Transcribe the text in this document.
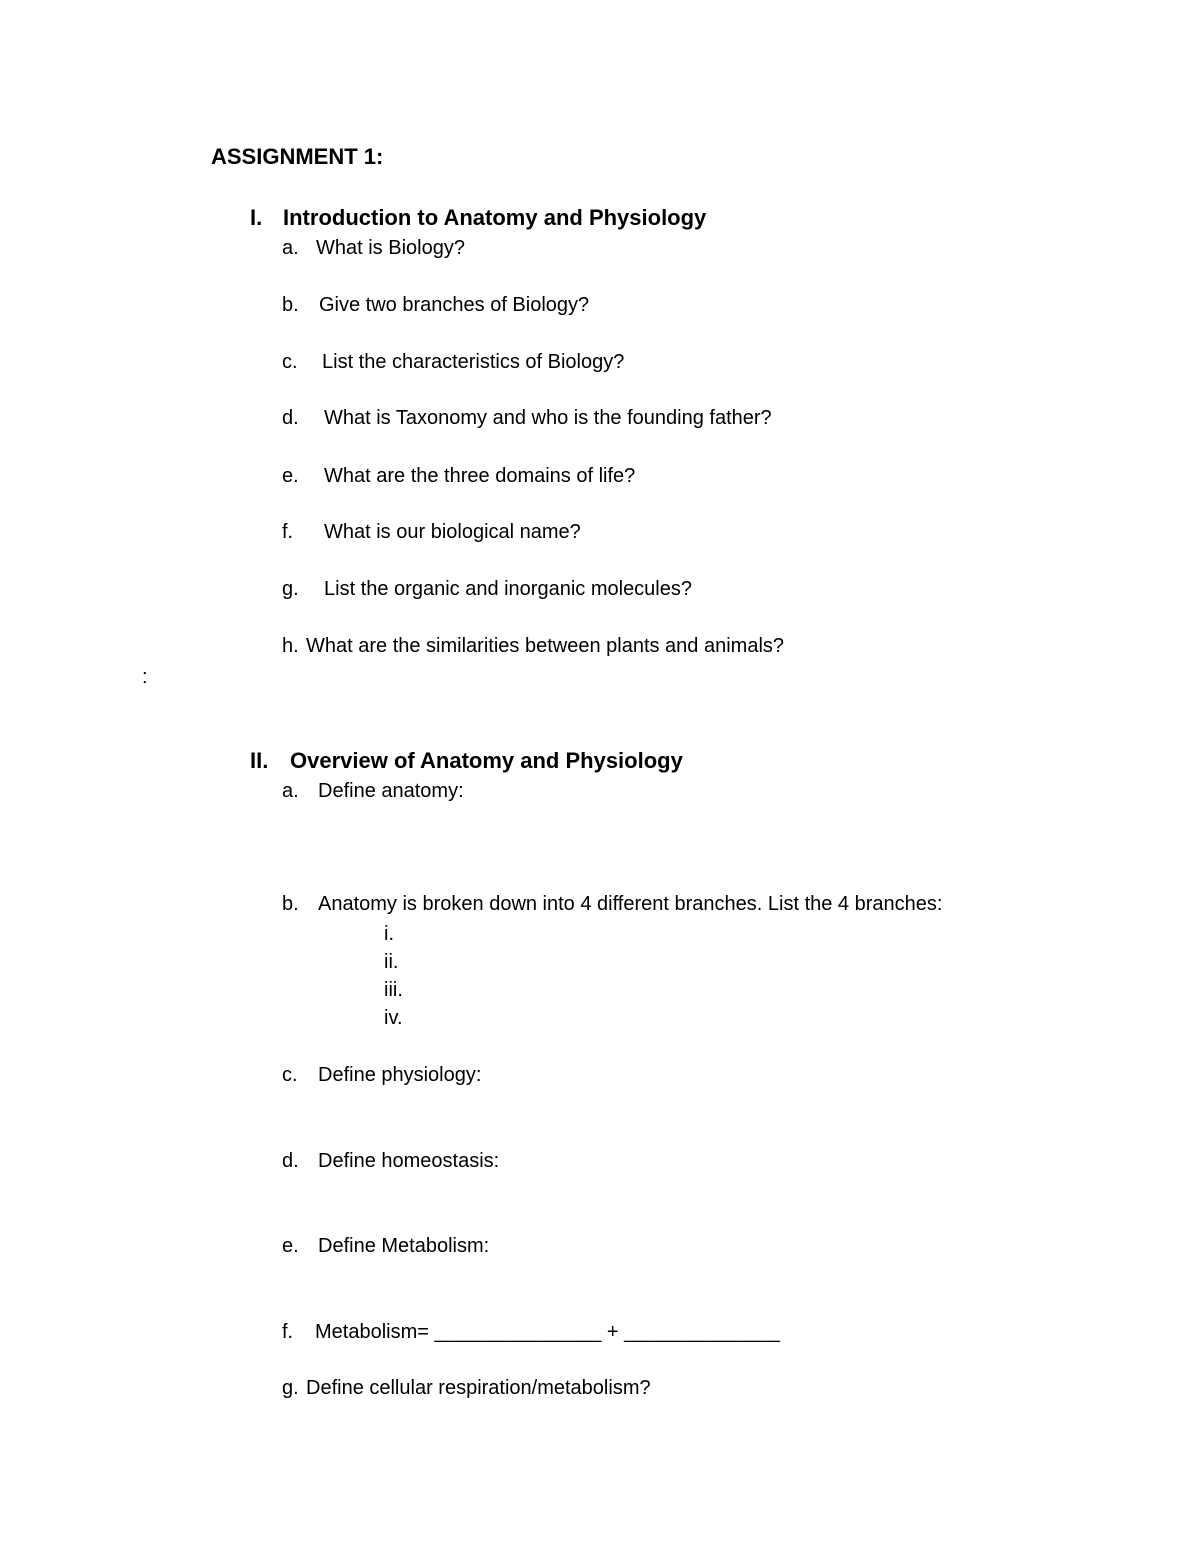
ASSIGNMENT 1:
I. Introduction to Anatomy and Physiology
a. What is Biology?
b. Give two branches of Biology?
c. List the characteristics of Biology?
d. What is Taxonomy and who is the founding father?
e. What are the three domains of life?
f. What is our biological name?
g. List the organic and inorganic molecules?
h. What are the similarities between plants and animals?
:
II. Overview of Anatomy and Physiology
a. Define anatomy:
b. Anatomy is broken down into 4 different branches. List the 4 branches:
i.
ii.
iii.
iv.
c. Define physiology:
d. Define homeostasis:
e. Define Metabolism:
f. Metabolism= _______________ + ______________
g. Define cellular respiration/metabolism?
